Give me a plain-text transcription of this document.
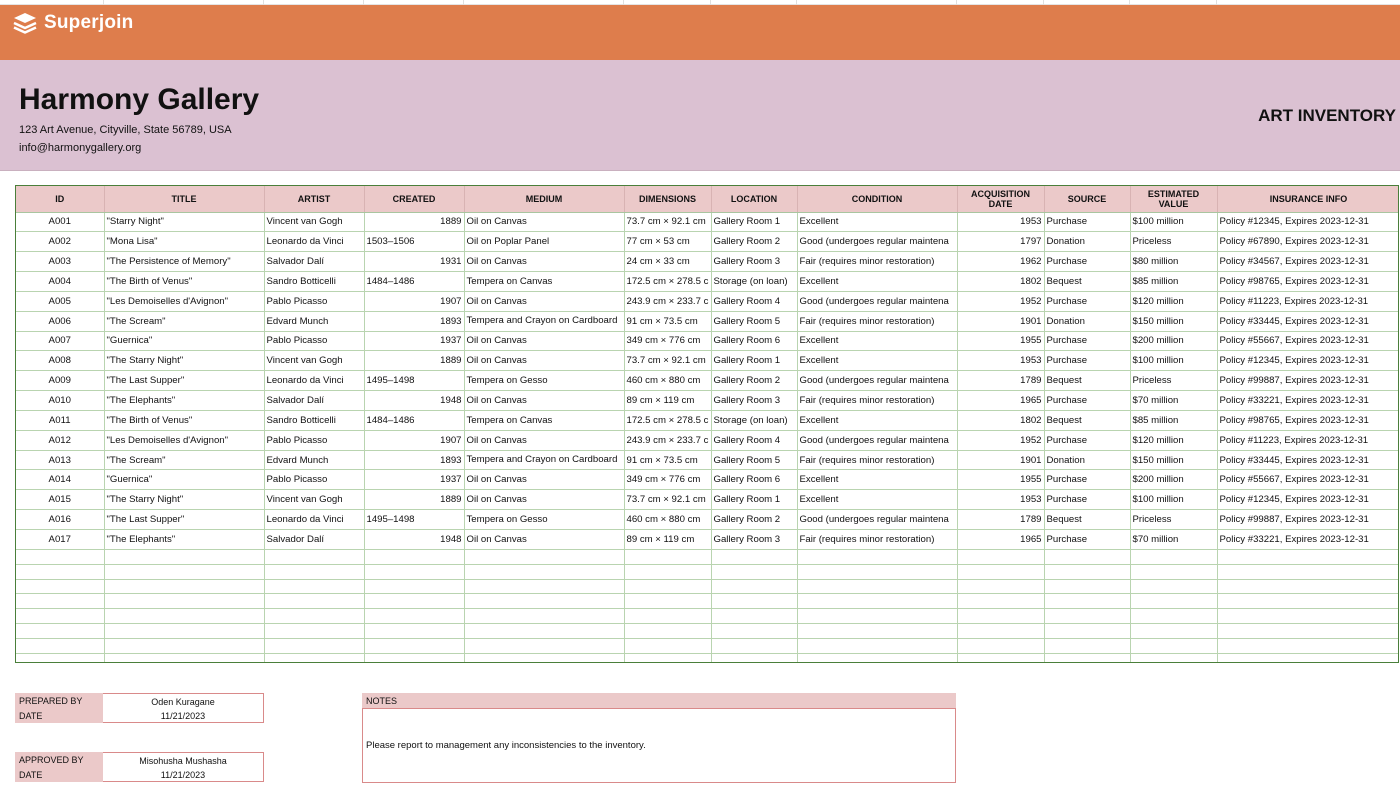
Superjoin
Harmony Gallery
123 Art Avenue, Cityville, State 56789, USA
info@harmonygallery.org
ART INVENTORY
ID	TITLE	ARTIST	CREATED	MEDIUM	DIMENSIONS	LOCATION	CONDITION	ACQUISITION DATE	SOURCE	ESTIMATED VALUE	INSURANCE INFO
A001	"Starry Night"	Vincent van Gogh	1889	Oil on Canvas	73.7 cm × 92.1 cm	Gallery Room 1	Excellent	1953	Purchase	$100 million	Policy #12345, Expires 2023-12-31
A002	"Mona Lisa"	Leonardo da Vinci	1503–1506	Oil on Poplar Panel	77 cm × 53 cm	Gallery Room 2	Good (undergoes regular maintena	1797	Donation	Priceless	Policy #67890, Expires 2023-12-31
A003	"The Persistence of Memory"	Salvador Dalí	1931	Oil on Canvas	24 cm × 33 cm	Gallery Room 3	Fair (requires minor restoration)	1962	Purchase	$80 million	Policy #34567, Expires 2023-12-31
A004	"The Birth of Venus"	Sandro Botticelli	1484–1486	Tempera on Canvas	172.5 cm × 278.5 c	Storage (on loan)	Excellent	1802	Bequest	$85 million	Policy #98765, Expires 2023-12-31
A005	"Les Demoiselles d'Avignon"	Pablo Picasso	1907	Oil on Canvas	243.9 cm × 233.7 c	Gallery Room 4	Good (undergoes regular maintena	1952	Purchase	$120 million	Policy #11223, Expires 2023-12-31
A006	"The Scream"	Edvard Munch	1893	Tempera and Crayon on Cardboard	91 cm × 73.5 cm	Gallery Room 5	Fair (requires minor restoration)	1901	Donation	$150 million	Policy #33445, Expires 2023-12-31
A007	"Guernica"	Pablo Picasso	1937	Oil on Canvas	349 cm × 776 cm	Gallery Room 6	Excellent	1955	Purchase	$200 million	Policy #55667, Expires 2023-12-31
A008	"The Starry Night"	Vincent van Gogh	1889	Oil on Canvas	73.7 cm × 92.1 cm	Gallery Room 1	Excellent	1953	Purchase	$100 million	Policy #12345, Expires 2023-12-31
A009	"The Last Supper"	Leonardo da Vinci	1495–1498	Tempera on Gesso	460 cm × 880 cm	Gallery Room 2	Good (undergoes regular maintena	1789	Bequest	Priceless	Policy #99887, Expires 2023-12-31
A010	"The Elephants"	Salvador Dalí	1948	Oil on Canvas	89 cm × 119 cm	Gallery Room 3	Fair (requires minor restoration)	1965	Purchase	$70 million	Policy #33221, Expires 2023-12-31
A011	"The Birth of Venus"	Sandro Botticelli	1484–1486	Tempera on Canvas	172.5 cm × 278.5 c	Storage (on loan)	Excellent	1802	Bequest	$85 million	Policy #98765, Expires 2023-12-31
A012	"Les Demoiselles d'Avignon"	Pablo Picasso	1907	Oil on Canvas	243.9 cm × 233.7 c	Gallery Room 4	Good (undergoes regular maintena	1952	Purchase	$120 million	Policy #11223, Expires 2023-12-31
A013	"The Scream"	Edvard Munch	1893	Tempera and Crayon on Cardboard	91 cm × 73.5 cm	Gallery Room 5	Fair (requires minor restoration)	1901	Donation	$150 million	Policy #33445, Expires 2023-12-31
A014	"Guernica"	Pablo Picasso	1937	Oil on Canvas	349 cm × 776 cm	Gallery Room 6	Excellent	1955	Purchase	$200 million	Policy #55667, Expires 2023-12-31
A015	"The Starry Night"	Vincent van Gogh	1889	Oil on Canvas	73.7 cm × 92.1 cm	Gallery Room 1	Excellent	1953	Purchase	$100 million	Policy #12345, Expires 2023-12-31
A016	"The Last Supper"	Leonardo da Vinci	1495–1498	Tempera on Gesso	460 cm × 880 cm	Gallery Room 2	Good (undergoes regular maintena	1789	Bequest	Priceless	Policy #99887, Expires 2023-12-31
A017	"The Elephants"	Salvador Dalí	1948	Oil on Canvas	89 cm × 119 cm	Gallery Room 3	Fair (requires minor restoration)	1965	Purchase	$70 million	Policy #33221, Expires 2023-12-31

PREPARED BY	Oden Kuragane
DATE	11/21/2023
APPROVED BY	Misohusha Mushasha
DATE	11/21/2023
NOTES
Please report to management any inconsistencies to the inventory.
